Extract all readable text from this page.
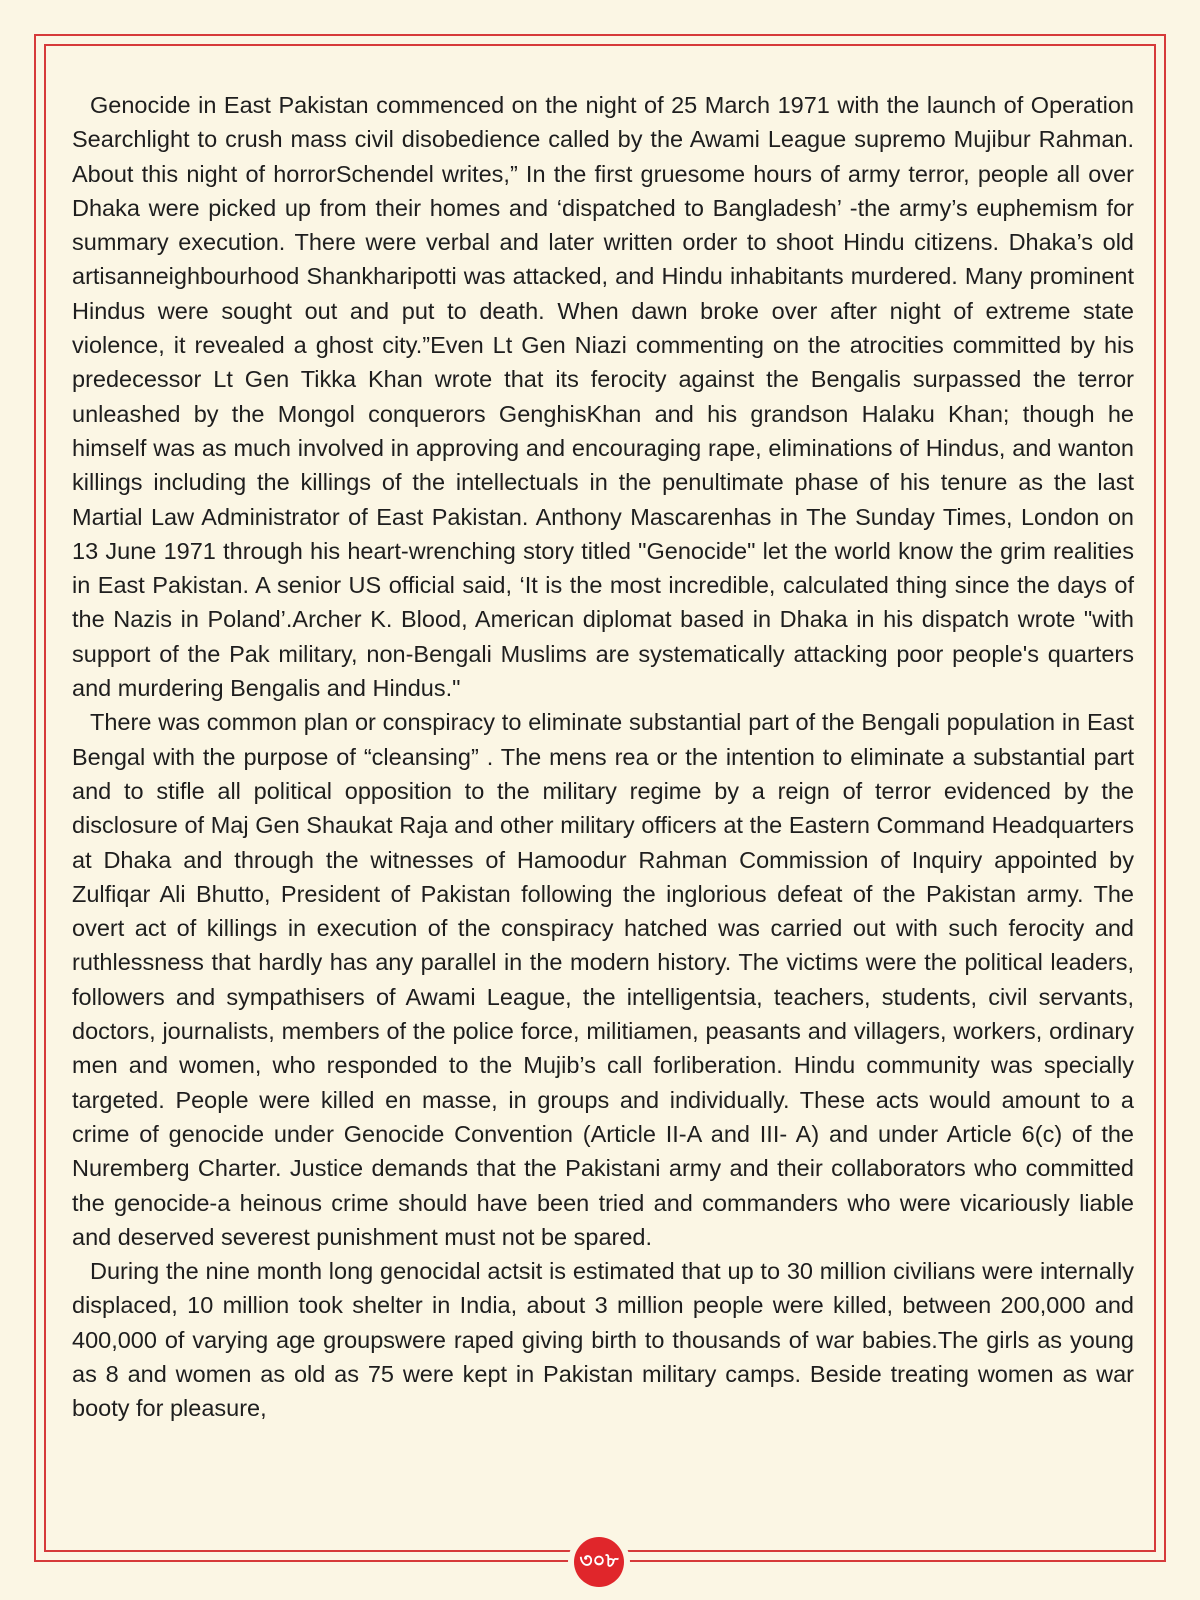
Genocide in East Pakistan commenced on the night of 25 March 1971 with the launch of Operation Searchlight to crush mass civil disobedience called by the Awami League supremo Mujibur Rahman. About this night of horrorSchendel writes,” In the first gruesome hours of army terror, people all over Dhaka were picked up from their homes and ‘dispatched to Bangladesh’ -the army’s euphemism for summary execution. There were verbal and later written order to shoot Hindu citizens. Dhaka’s old artisanneighbourhood Shankharipotti was attacked, and Hindu inhabitants murdered. Many prominent Hindus were sought out and put to death. When dawn broke over after night of extreme state violence, it revealed a ghost city.”Even Lt Gen Niazi commenting on the atrocities committed by his predecessor Lt Gen Tikka Khan wrote that its ferocity against the Bengalis surpassed the terror unleashed by the Mongol conquerors GenghisKhan and his grandson Halaku Khan; though he himself was as much involved in approving and encouraging rape, eliminations of Hindus, and wanton killings including the killings of the intellectuals in the penultimate phase of his tenure as the last Martial Law Administrator of East Pakistan. Anthony Mascarenhas in The Sunday Times, London on 13 June 1971 through his heart-wrenching story titled "Genocide" let the world know the grim realities in East Pakistan. A senior US official said, ‘It is the most incredible, calculated thing since the days of the Nazis in Poland’.Archer K. Blood, American diplomat based in Dhaka in his dispatch wrote "with support of the Pak military, non-Bengali Muslims are systematically attacking poor people's quarters and murdering Bengalis and Hindus."

There was common plan or conspiracy to eliminate substantial part of the Bengali population in East Bengal with the purpose of “cleansing” . The mens rea or the intention to eliminate a substantial part and to stifle all political opposition to the military regime by a reign of terror evidenced by the disclosure of Maj Gen Shaukat Raja and other military officers at the Eastern Command Headquarters at Dhaka and through the witnesses of Hamoodur Rahman Commission of Inquiry appointed by Zulfiqar Ali Bhutto, President of Pakistan following the inglorious defeat of the Pakistan army. The overt act of killings in execution of the conspiracy hatched was carried out with such ferocity and ruthlessness that hardly has any parallel in the modern history. The victims were the political leaders, followers and sympathisers of Awami League, the intelligentsia, teachers, students, civil servants, doctors, journalists, members of the police force, militiamen, peasants and villagers, workers, ordinary men and women, who responded to the Mujib’s call forliberation. Hindu community was specially targeted. People were killed en masse, in groups and individually. These acts would amount to a crime of genocide under Genocide Convention (Article II-A and III- A) and under Article 6(c) of the Nuremberg Charter. Justice demands that the Pakistani army and their collaborators who committed the genocide-a heinous crime should have been tried and commanders who were vicariously liable and deserved severest punishment must not be spared.

During the nine month long genocidal actsit is estimated that up to 30 million civilians were internally displaced, 10 million took shelter in India, about 3 million people were killed, between 200,000 and 400,000 of varying age groupswere raped giving birth to thousands of war babies.The girls as young as 8 and women as old as 75 were kept in Pakistan military camps. Beside treating women as war booty for pleasure,

৩০৮
